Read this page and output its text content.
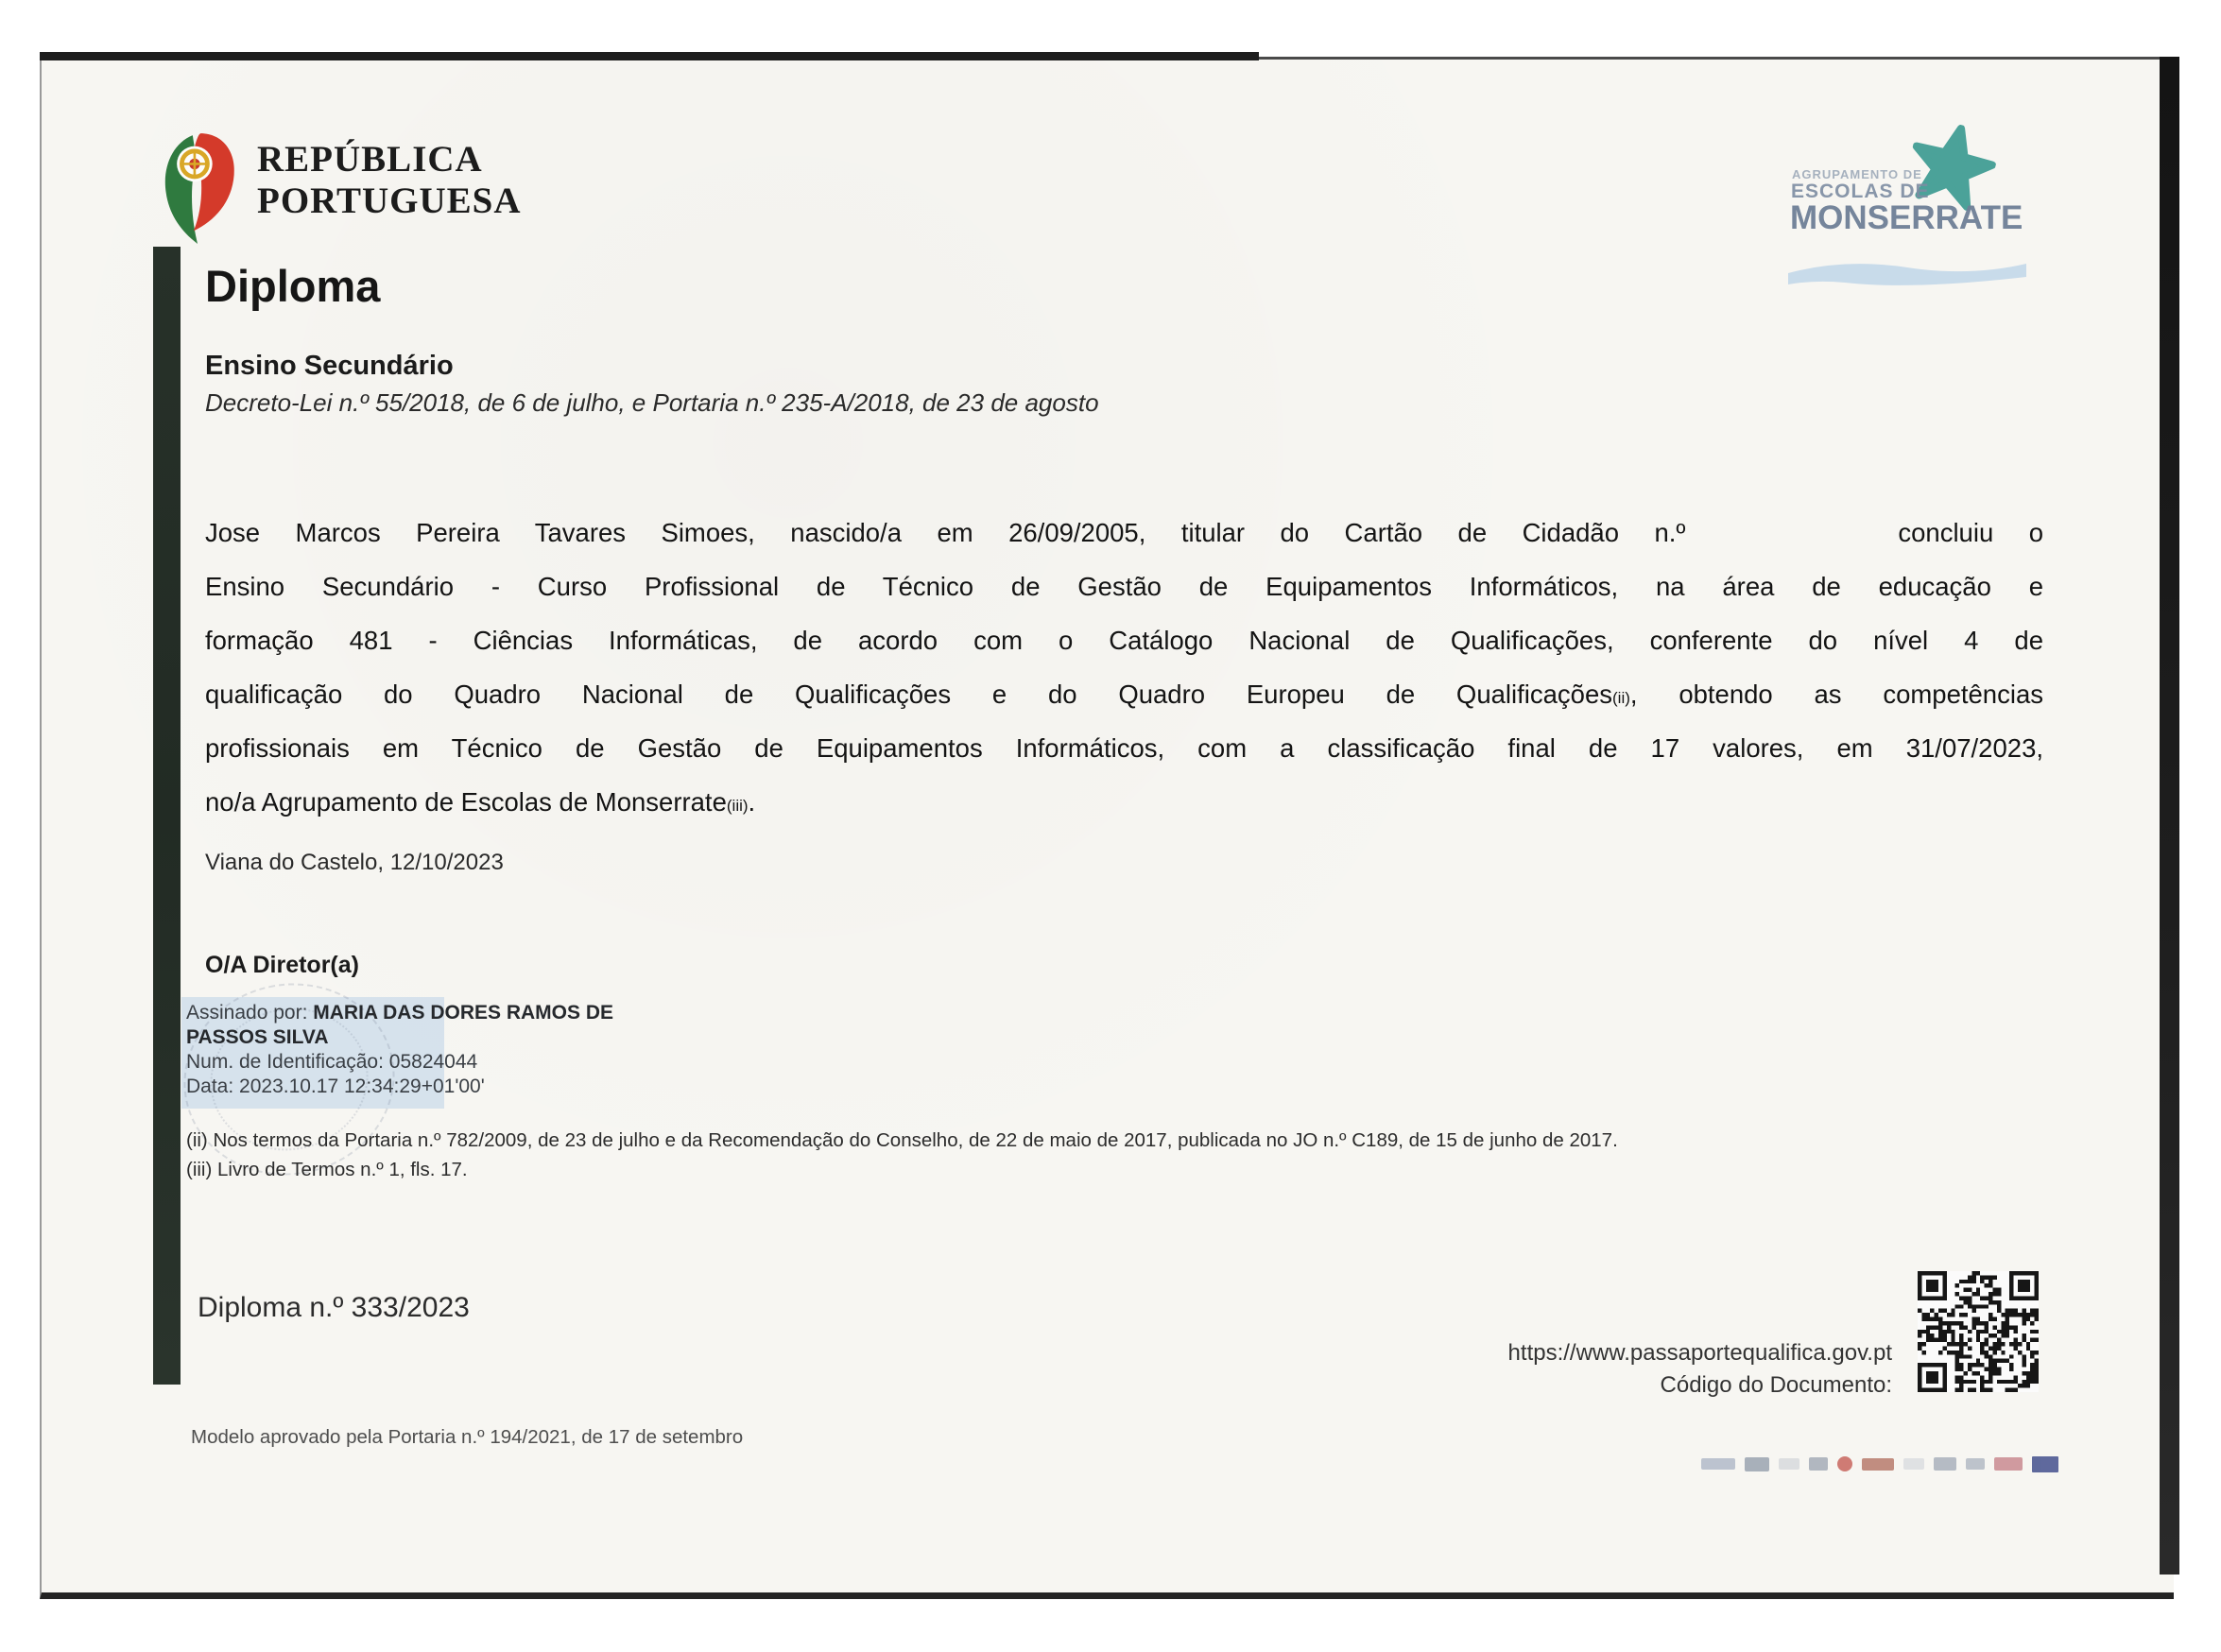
REPÚBLICA
PORTUGUESA
AGRUPAMENTO DE
ESCOLAS DE
MONSERRATE
Diploma
Ensino Secundário
Decreto-Lei n.º 55/2018, de 6 de julho, e Portaria n.º 235-A/2018, de 23 de agosto
Jose Marcos Pereira Tavares Simoes, nascido/a em 26/09/2005, titular do Cartão de Cidadão n.º	concluiu o
Ensino Secundário - Curso Profissional de Técnico de Gestão de Equipamentos Informáticos, na área de educação e
formação 481 - Ciências Informáticas, de acordo com o Catálogo Nacional de Qualificações, conferente do nível 4 de
qualificação do Quadro Nacional de Qualificações e do Quadro Europeu de Qualificações(ii), obtendo as competências
profissionais em Técnico de Gestão de Equipamentos Informáticos, com a classificação final de 17 valores, em 31/07/2023,
no/a Agrupamento de Escolas de Monserrate(iii).
Viana do Castelo, 12/10/2023
O/A Diretor(a)
Assinado por: MARIA DAS DORES RAMOS DE
PASSOS SILVA
Num. de Identificação: 05824044
Data: 2023.10.17 12:34:29+01'00'
(ii) Nos termos da Portaria n.º 782/2009, de 23 de julho e da Recomendação do Conselho, de 22 de maio de 2017, publicada no JO n.º C189, de 15 de junho de 2017.
(iii) Livro de Termos n.º 1, fls. 17.
Diploma n.º 333/2023
https://www.passaportequalifica.gov.pt
Código do Documento:
Modelo aprovado pela Portaria n.º 194/2021, de 17 de setembro
